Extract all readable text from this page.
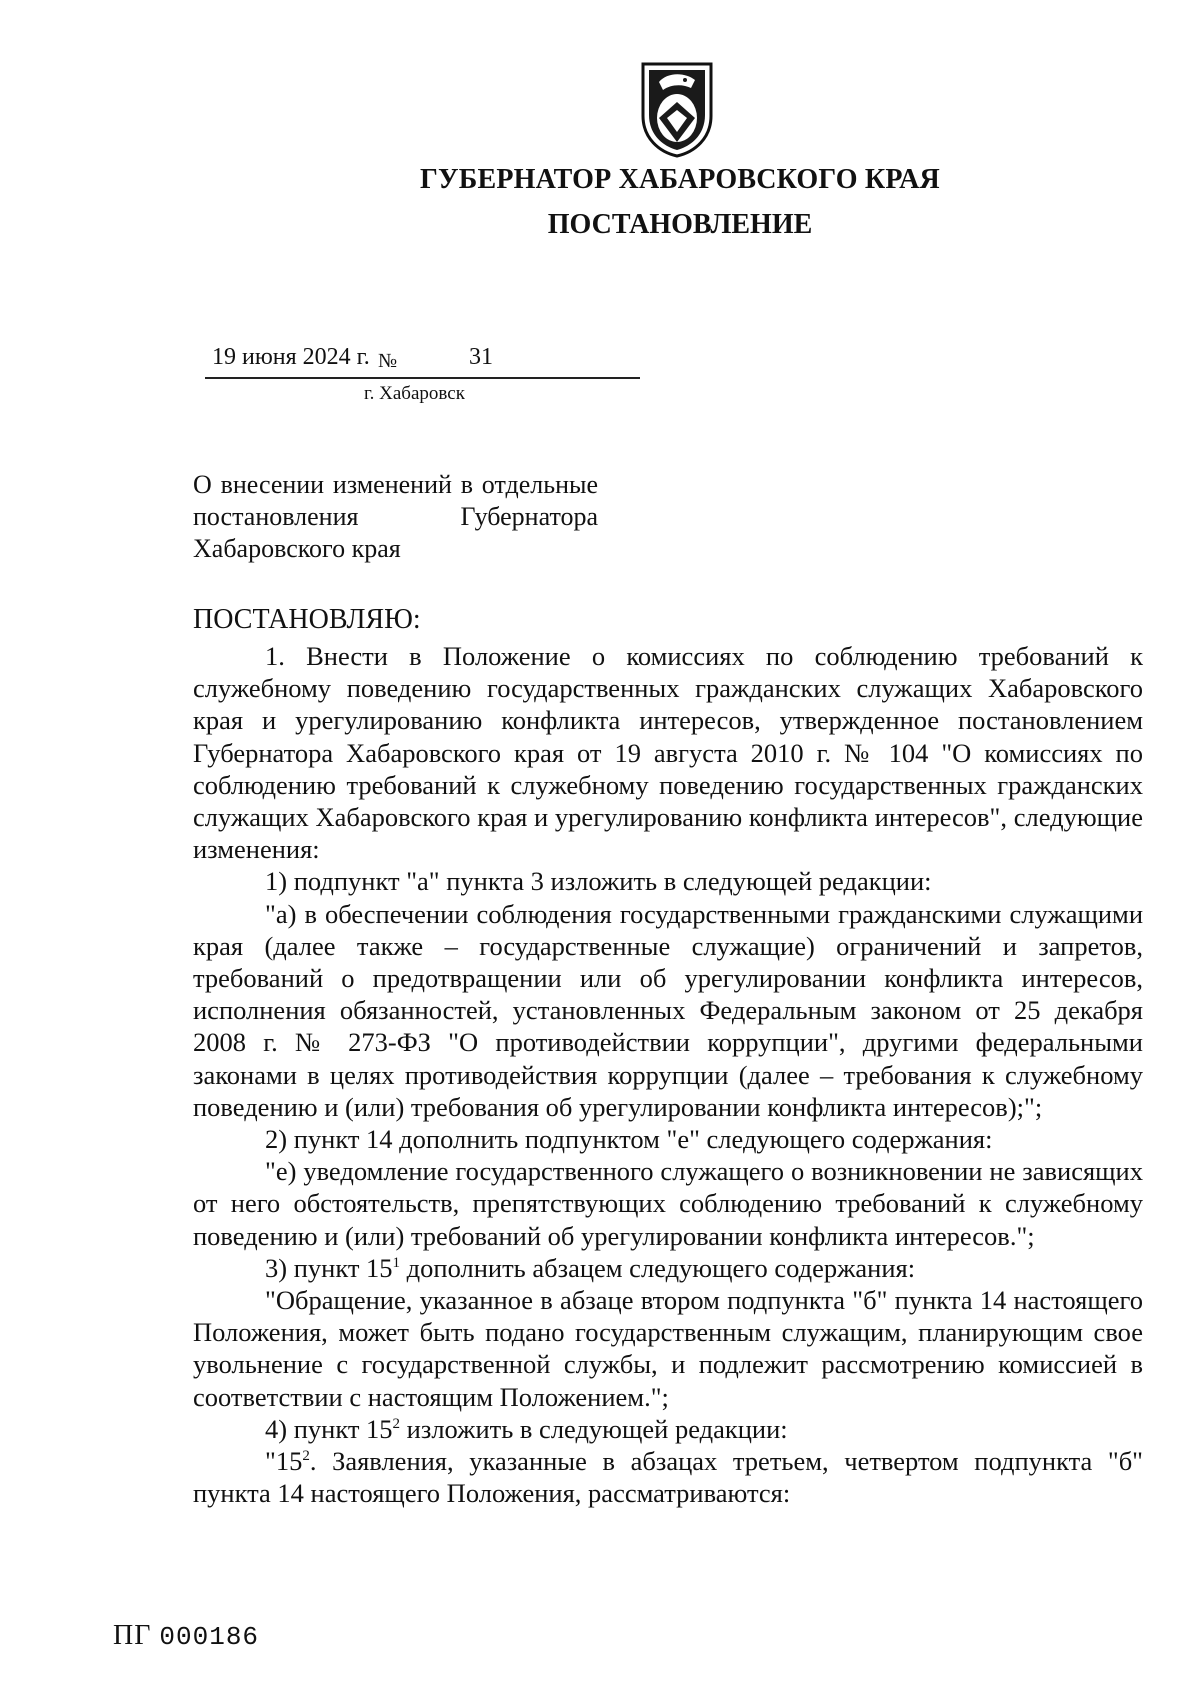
ГУБЕРНАТОР ХАБАРОВСКОГО КРАЯ
ПОСТАНОВЛЕНИЕ
19 июня 2024 г. №	31
г. Хабаровск
О внесении изменений в отдельные постановления Губернатора Хабаровского края
ПОСТАНОВЛЯЮ:

1. Внести в Положение о комиссиях по соблюдению требований к служебному поведению государственных гражданских служащих Хабаровского края и урегулированию конфликта интересов, утвержденное постановлением Губернатора Хабаровского края от 19 августа 2010 г. № 104 "О комиссиях по соблюдению требований к служебному поведению государственных гражданских служащих Хабаровского края и урегулированию конфликта интересов", следующие изменения:

1) подпункт "а" пункта 3 изложить в следующей редакции:

"а) в обеспечении соблюдения государственными гражданскими служащими края (далее также – государственные служащие) ограничений и запретов, требований о предотвращении или об урегулировании конфликта интересов, исполнения обязанностей, установленных Федеральным законом от 25 декабря 2008 г. № 273-ФЗ "О противодействии коррупции", другими федеральными законами в целях противодействия коррупции (далее – требования к служебному поведению и (или) требования об урегулировании конфликта интересов);";

2) пункт 14 дополнить подпунктом "е" следующего содержания:

"е) уведомление государственного служащего о возникновении не зависящих от него обстоятельств, препятствующих соблюдению требований к служебному поведению и (или) требований об урегулировании конфликта интересов.";

3) пункт $15^1$ дополнить абзацем следующего содержания:

"Обращение, указанное в абзаце втором подпункта "б" пункта 14 настоящего Положения, может быть подано государственным служащим, планирующим свое увольнение с государственной службы, и подлежит рассмотрению комиссией в соответствии с настоящим Положением.";

4) пункт $15^2$ изложить в следующей редакции:

"$15^2$. Заявления, указанные в абзацах третьем, четвертом подпункта "б" пункта 14 настоящего Положения, рассматриваются:

ПГ 000186
